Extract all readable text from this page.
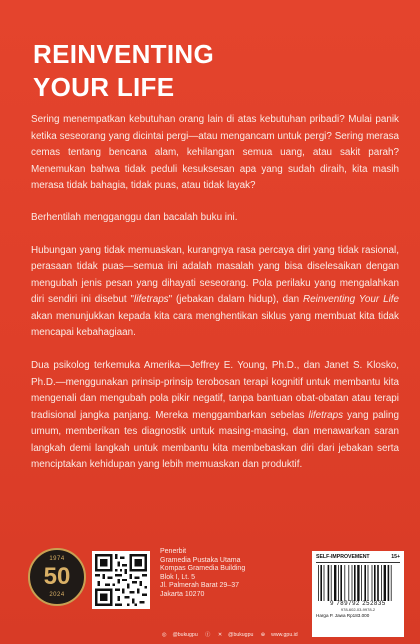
REINVENTING
YOUR LIFE

Sering menempatkan kebutuhan orang lain di atas kebutuhan pribadi? Mulai panik ketika seseorang yang dicintai pergi—atau mengancam untuk pergi? Sering merasa cemas tentang bencana alam, kehilangan semua uang, atau sakit parah? Menemukan bahwa tidak peduli kesuksesan apa yang sudah diraih, kita masih merasa tidak bahagia, tidak puas, atau tidak layak?

Berhentilah mengganggu dan bacalah buku ini.

Hubungan yang tidak memuaskan, kurangnya rasa percaya diri yang tidak rasional, perasaan tidak puas—semua ini adalah masalah yang bisa diselesaikan dengan mengubah jenis pesan yang dihayati seseorang. Pola perilaku yang mengalahkan diri sendiri ini disebut "lifetraps" (jebakan dalam hidup), dan Reinventing Your Life akan menunjukkan kepada kita cara menghentikan siklus yang membuat kita tidak mencapai kebahagiaan.

Dua psikolog terkemuka Amerika—Jeffrey E. Young, Ph.D., dan Janet S. Klosko, Ph.D.—menggunakan prinsip-prinsip terobosan terapi kognitif untuk membantu kita mengenali dan mengubah pola pikir negatif, tanpa bantuan obat-obatan atau terapi tradisional jangka panjang. Mereka menggambarkan sebelas lifetraps yang paling umum, memberikan tes diagnostik untuk masing-masing, dan menawarkan saran langkah demi langkah untuk membantu kita membebaskan diri dari jebakan serta menciptakan kehidupan yang lebih memuaskan dan produktif.

1974
50
2024
Penerbit
Gramedia Pustaka Utama
Kompas Gramedia Building
Blok I, Lt. 5
Jl. Palmerah Barat 29–37
Jakarta 10270
◎ @bukugpu ⓕ ✕ @bukugpu ⊕ www.gpu.id
SELF-IMPROVEMENT	15+
9 789792 252835
978-602-03-9978-2
Harga P. Jawa Rp183.000
